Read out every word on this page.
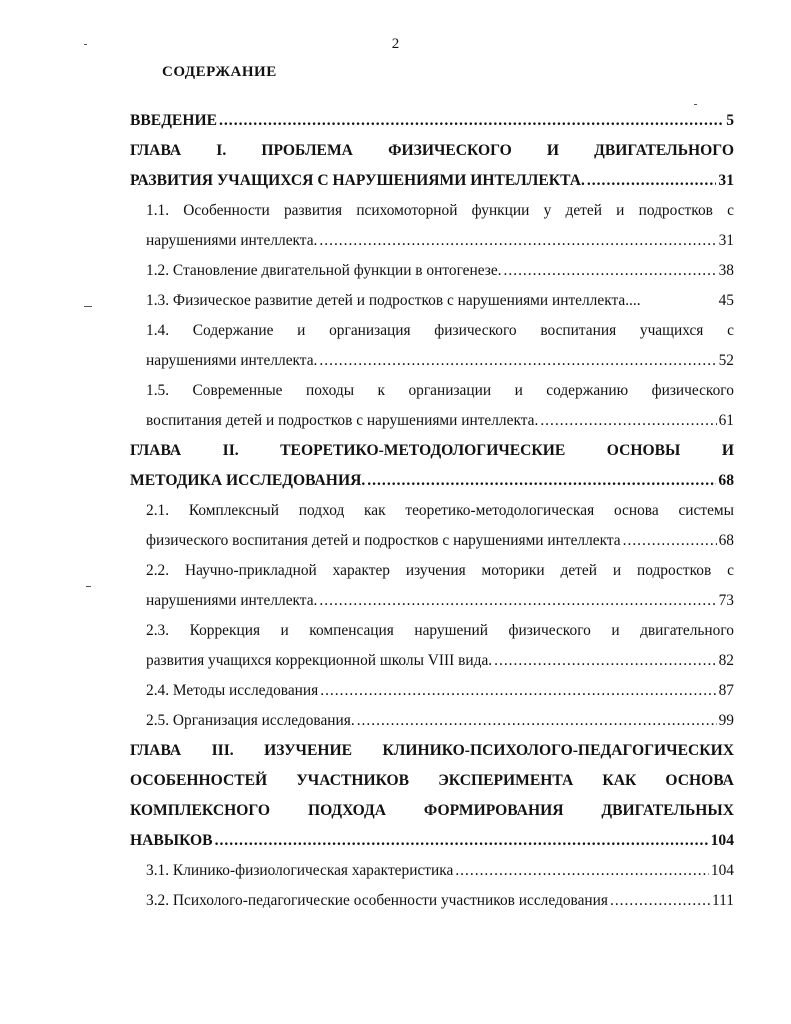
2
СОДЕРЖАНИЕ
ВВЕДЕНИЕ .....	5
ГЛАВА I. ПРОБЛЕМА ФИЗИЧЕСКОГО И ДВИГАТЕЛЬНОГО
РАЗВИТИЯ УЧАЩИХСЯ С НАРУШЕНИЯМИ ИНТЕЛЛЕКТА. .....	31
1.1. Особенности развития психомоторной функции у детей и подростков с
нарушениями интеллекта. .....	31
1.2. Становление двигательной функции в онтогенезе. .....	38
1.3. Физическое развитие детей и подростков с нарушениями интеллекта....	45
1.4. Содержание и организация физического воспитания учащихся с
нарушениями интеллекта. .....	52
1.5. Современные походы к организации и содержанию физического
воспитания детей и подростков с нарушениями интеллекта. .....	61
ГЛАВА	II.	ТЕОРЕТИКО-МЕТОДОЛОГИЧЕСКИЕ	ОСНОВЫ	И
МЕТОДИКА ИССЛЕДОВАНИЯ. .....	68
2.1. Комплексный подход как теоретико-методологическая основа системы
физического воспитания детей и подростков с нарушениями интеллекта .....	68
2.2. Научно-прикладной характер изучения моторики детей и подростков с
нарушениями интеллекта. .....	73
2.3. Коррекция и компенсация нарушений физического и двигательного
развития учащихся коррекционной школы VIII вида. .....	82
2.4. Методы исследования .....	87
2.5. Организация исследования. .....	99
ГЛАВА III. ИЗУЧЕНИЕ КЛИНИКО-ПСИХОЛОГО-ПЕДАГОГИЧЕСКИХ
ОСОБЕННОСТЕЙ УЧАСТНИКОВ ЭКСПЕРИМЕНТА КАК ОСНОВА
КОМПЛЕКСНОГО ПОДХОДА ФОРМИРОВАНИЯ ДВИГАТЕЛЬНЫХ
НАВЫКОВ .....	104
3.1. Клинико-физиологическая характеристика .....	104
3.2. Психолого-педагогические особенности участников исследования .....	111
